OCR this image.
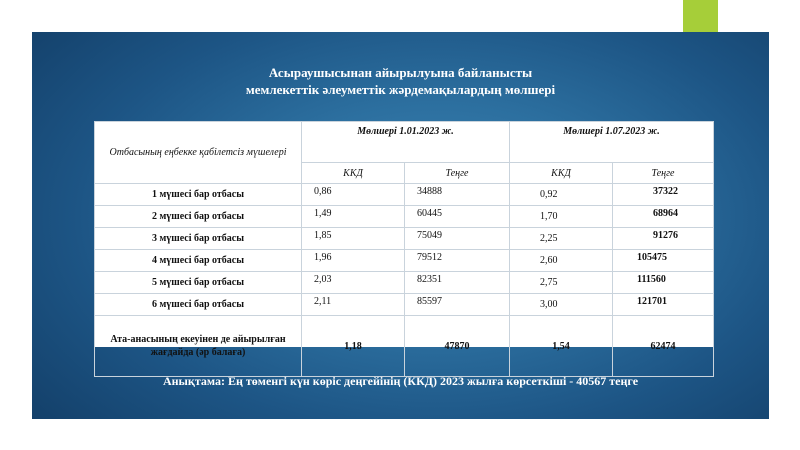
Асыраушысынан айырылуына байланысты
мемлекеттік әлеуметтік жәрдемақылардың мөлшері
Отбасының еңбекке қабілетсіз мүшелері	Мөлшері 1.01.2023 ж.		Мөлшері 1.07.2023 ж.	
	ККД	Теңге	ККД	Теңге
1 мүшесі бар отбасы	0,86	34888	0,92	37322
2 мүшесі бар отбасы	1,49	60445	1,70	68964
3 мүшесі бар отбасы	1,85	75049	2,25	91276
4 мүшесі бар отбасы	1,96	79512	2,60	105475
5 мүшесі бар отбасы	2,03	82351	2,75	111560
6 мүшесі бар отбасы	2,11	85597	3,00	121701
Ата-анасының екеуінен де айырылған жағдайда (әр балаға)	1,18	47870	1,54	62474
Анықтама: Ең төменгі күн көріс деңгейінің (ККД) 2023 жылға көрсеткіші - 40567 теңге
